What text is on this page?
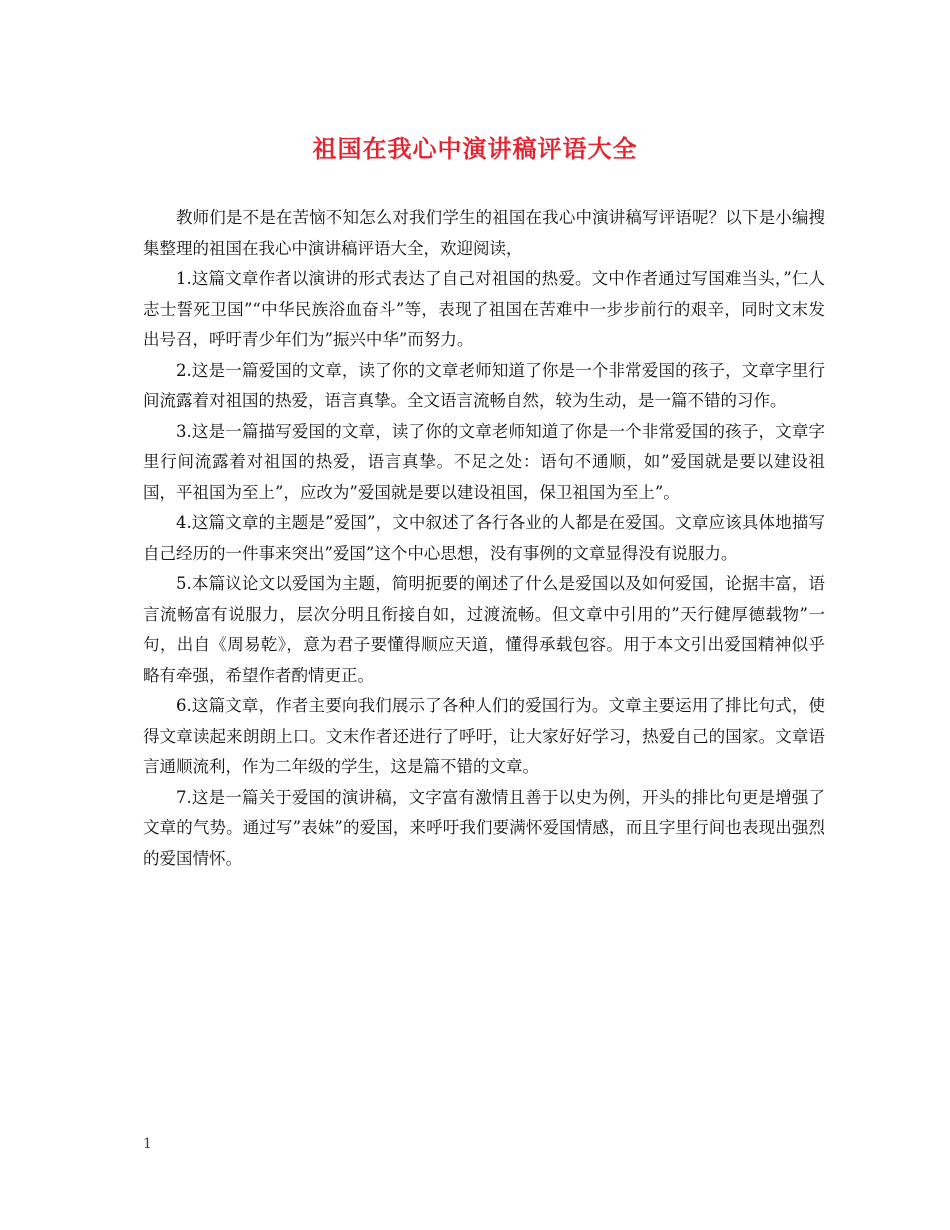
祖国在我心中演讲稿评语大全

教师们是不是在苦恼不知怎么对我们学生的祖国在我心中演讲稿写评语呢？以下是小编搜集整理的祖国在我心中演讲稿评语大全，欢迎阅读，

1.这篇文章作者以演讲的形式表达了自己对祖国的热爱。文中作者通过写国难当头，”仁人志士誓死卫国”“中华民族浴血奋斗”等，表现了祖国在苦难中一步步前行的艰辛，同时文末发出号召，呼吁青少年们为”振兴中华”而努力。

2.这是一篇爱国的文章，读了你的文章老师知道了你是一个非常爱国的孩子，文章字里行间流露着对祖国的热爱，语言真挚。全文语言流畅自然，较为生动，是一篇不错的习作。

3.这是一篇描写爱国的文章，读了你的文章老师知道了你是一个非常爱国的孩子，文章字里行间流露着对祖国的热爱，语言真挚。不足之处：语句不通顺，如”爱国就是要以建设祖国，平祖国为至上”，应改为”爱国就是要以建设祖国，保卫祖国为至上”。

4.这篇文章的主题是”爱国”，文中叙述了各行各业的人都是在爱国。文章应该具体地描写自己经历的一件事来突出”爱国”这个中心思想，没有事例的文章显得没有说服力。

5.本篇议论文以爱国为主题，简明扼要的阐述了什么是爱国以及如何爱国，论据丰富，语言流畅富有说服力，层次分明且衔接自如，过渡流畅。但文章中引用的”天行健厚德载物”一句，出自《周易乾》，意为君子要懂得顺应天道，懂得承载包容。用于本文引出爱国精神似乎略有牵强，希望作者酌情更正。

6.这篇文章，作者主要向我们展示了各种人们的爱国行为。文章主要运用了排比句式，使得文章读起来朗朗上口。文末作者还进行了呼吁，让大家好好学习，热爱自己的国家。文章语言通顺流利，作为二年级的学生，这是篇不错的文章。

7.这是一篇关于爱国的演讲稿，文字富有激情且善于以史为例，开头的排比句更是增强了文章的气势。通过写”表妹”的爱国，来呼吁我们要满怀爱国情感，而且字里行间也表现出强烈的爱国情怀。

1
